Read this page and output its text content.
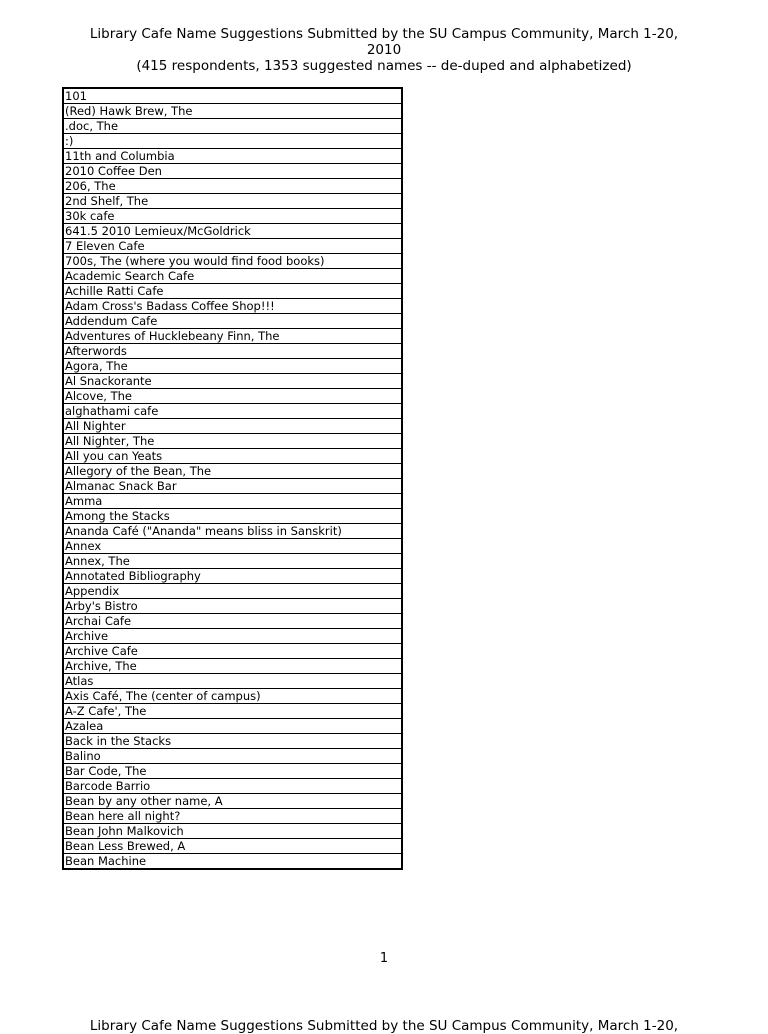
Library Cafe Name Suggestions Submitted by the SU Campus Community, March 1-20,
2010
(415 respondents, 1353 suggested names -- de-duped and alphabetized)
101
(Red) Hawk Brew, The
.doc, The
:)
11th and Columbia
2010 Coffee Den
206, The
2nd Shelf, The
30k cafe
641.5 2010 Lemieux/McGoldrick
7 Eleven Cafe
700s, The (where you would find food books)
Academic Search Cafe
Achille Ratti Cafe
Adam Cross's Badass Coffee Shop!!!
Addendum Cafe
Adventures of Hucklebeany Finn, The
Afterwords
Agora, The
Al Snackorante
Alcove, The
alghathami cafe
All Nighter
All Nighter, The
All you can Yeats
Allegory of the Bean, The
Almanac Snack Bar
Amma
Among the Stacks
Ananda Café ("Ananda" means bliss in Sanskrit)
Annex
Annex, The
Annotated Bibliography
Appendix
Arby's Bistro
Archai Cafe
Archive
Archive Cafe
Archive, The
Atlas
Axis Café, The (center of campus)
A-Z Cafe', The
Azalea
Back in the Stacks
Balino
Bar Code, The
Barcode Barrio
Bean by any other name, A
Bean here all night?
Bean John Malkovich
Bean Less Brewed, A
Bean Machine
1
Library Cafe Name Suggestions Submitted by the SU Campus Community, March 1-20,
